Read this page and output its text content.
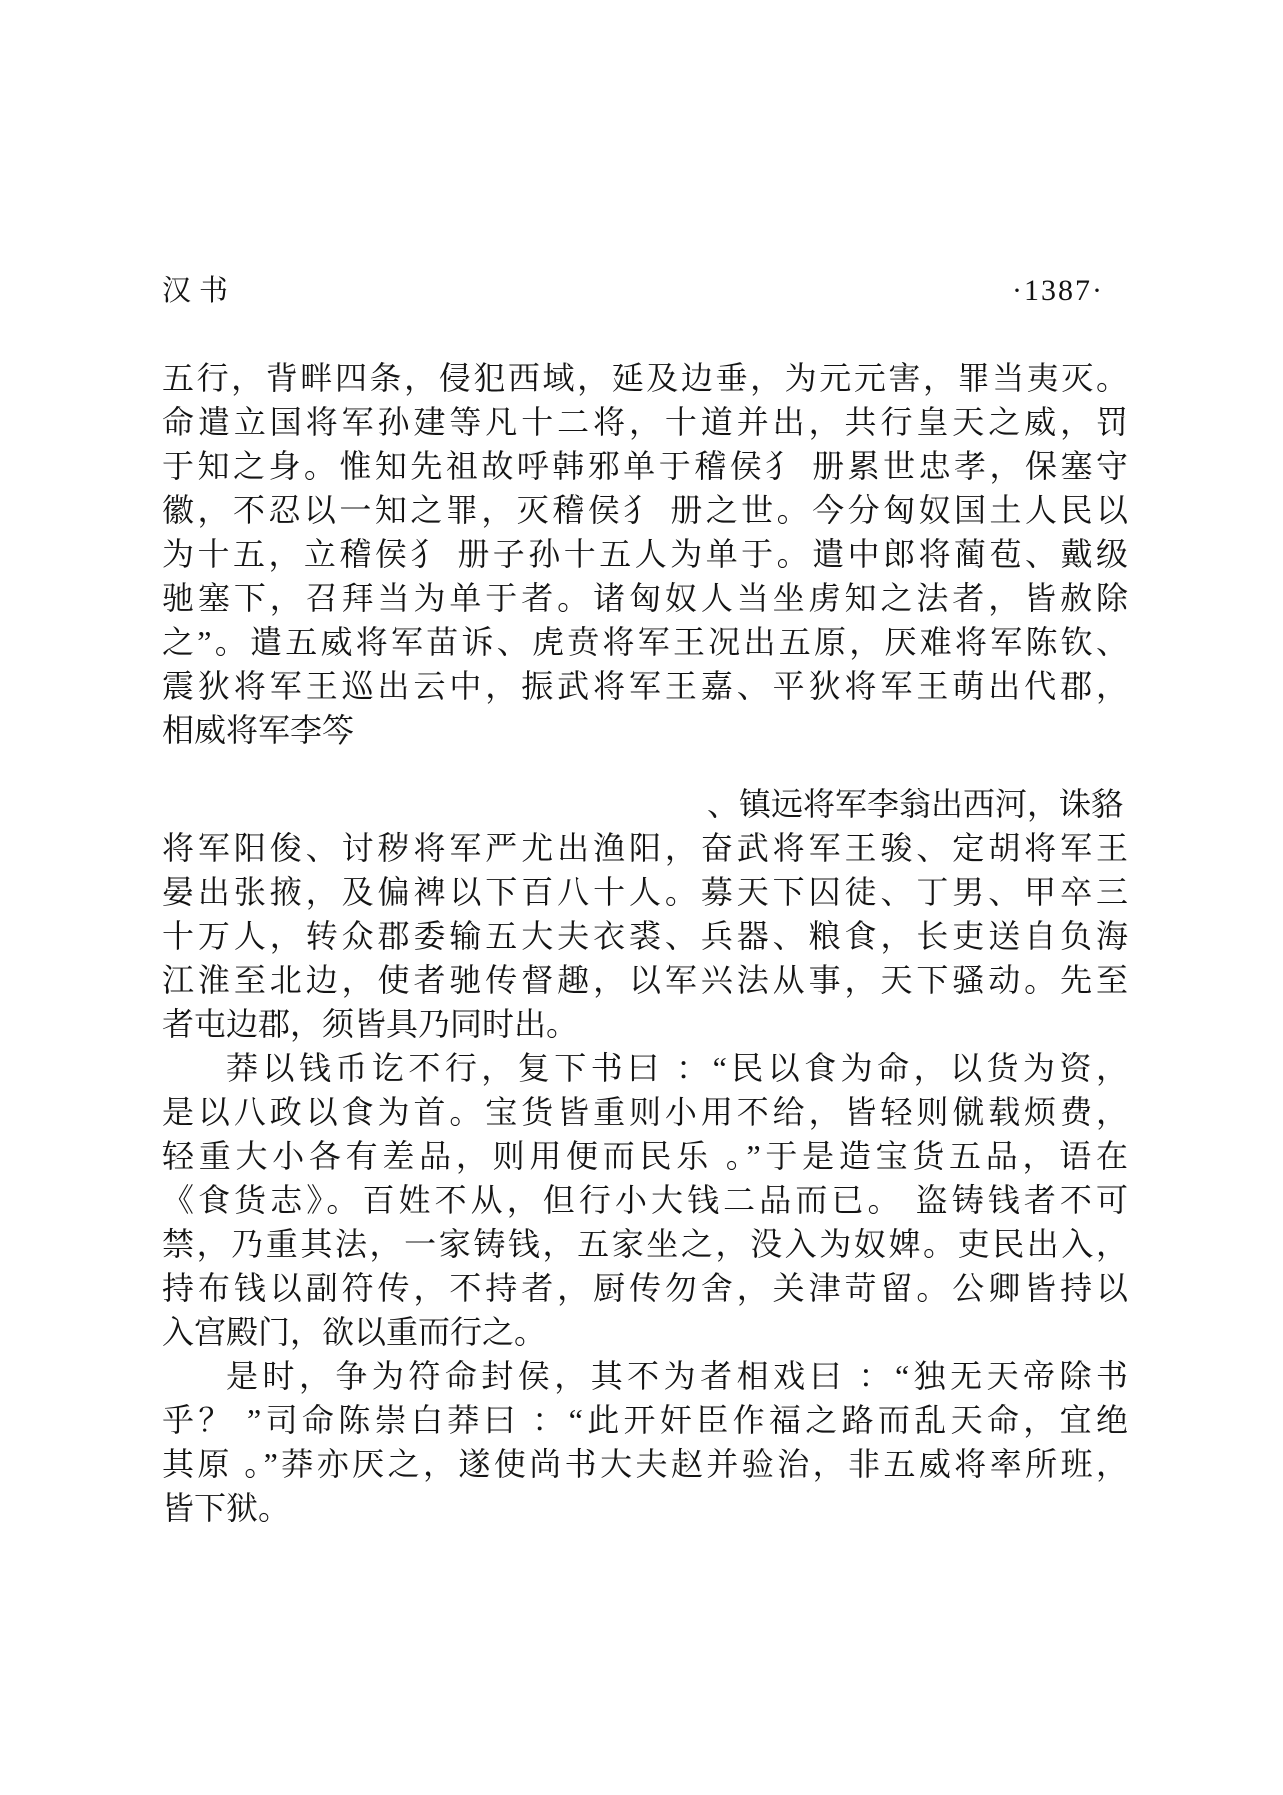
汉书	·1387·
五行，背畔四条，侵犯西域，延及边垂，为元元害，罪当夷灭。
命遣立国将军孙建等凡十二将，十道并出，共行皇天之威，罚
于知之身。惟知先祖故呼韩邪单于稽侯犭 册累世忠孝，保塞守
徽，不忍以一知之罪，灭稽侯犭 册之世。今分匈奴国土人民以
为十五，立稽侯犭 册子孙十五人为单于。遣中郎将蔺苞、戴级
驰塞下，召拜当为单于者。诸匈奴人当坐虏知之法者，皆赦除
之”。遣五威将军苗诉、虎贲将军王况出五原，厌难将军陈钦、
震狄将军王巡出云中，振武将军王嘉、平狄将军王萌出代郡，
相威将军李笒
、镇远将军李翁出西河，诛貉
将军阳俊、讨秽将军严尤出渔阳，奋武将军王骏、定胡将军王
晏出张掖，及偏裨以下百八十人。募天下囚徒、丁男、甲卒三
十万人，转众郡委输五大夫衣裘、兵器、粮食，长吏送自负海
江淮至北边，使者驰传督趣，以军兴法从事，天下骚动。先至
者屯边郡，须皆具乃同时出。
莽以钱币讫不行，复下书曰 ：“民以食为命，以货为资，
是以八政以食为首。宝货皆重则小用不给，皆轻则僦载烦费，
轻重大小各有差品，则用便而民乐 。”于是造宝货五品，语在
《食货志》。百姓不从，但行小大钱二品而已。 盗铸钱者不可
禁，乃重其法，一家铸钱，五家坐之，没入为奴婢。吏民出入，
持布钱以副符传，不持者，厨传勿舍，关津苛留。公卿皆持以
入宫殿门，欲以重而行之。
是时，争为符命封侯，其不为者相戏曰 ：“独无天帝除书
乎？ ”司命陈崇白莽曰 ：“此开奸臣作福之路而乱天命，宜绝
其原 。”莽亦厌之，遂使尚书大夫赵并验治，非五威将率所班，
皆下狱。
